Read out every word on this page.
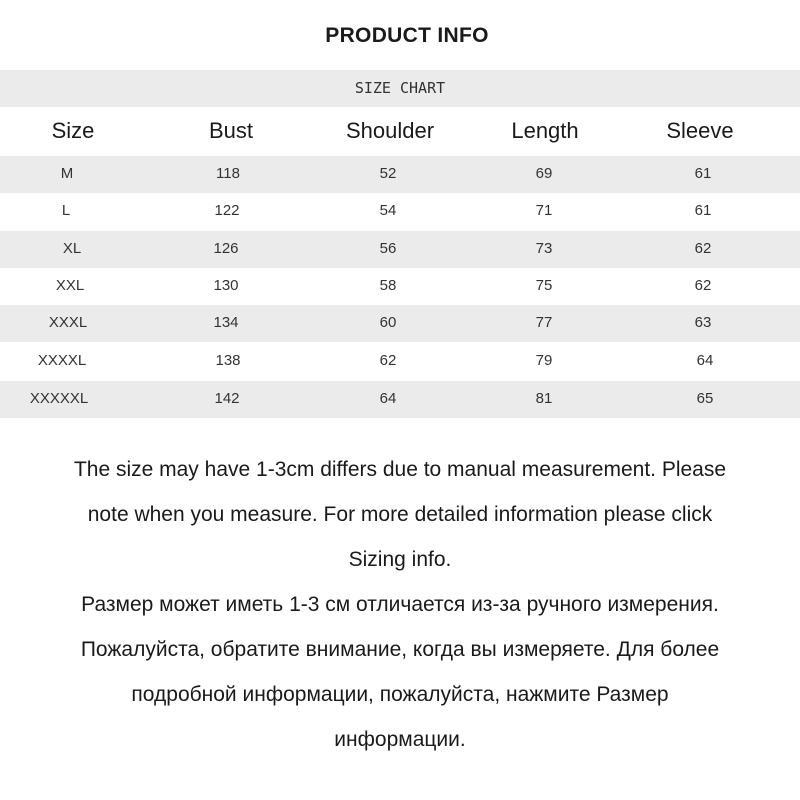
PRODUCT INFO
SIZE CHART
Size	Bust	Shoulder	Length	Sleeve
M	118	52	69	61
L	122	54	71	61
XL	126	56	73	62
XXL	130	58	75	62
XXXL	134	60	77	63
XXXXL	138	62	79	64
XXXXXL	142	64	81	65
The size may have 1-3cm differs due to manual measurement. Please
note when you measure. For more detailed information please click
Sizing info.
Размер может иметь 1-3 см отличается из-за ручного измерения.
Пожалуйста, обратите внимание, когда вы измеряете. Для более
подробной информации, пожалуйста, нажмите Размер
информации.
